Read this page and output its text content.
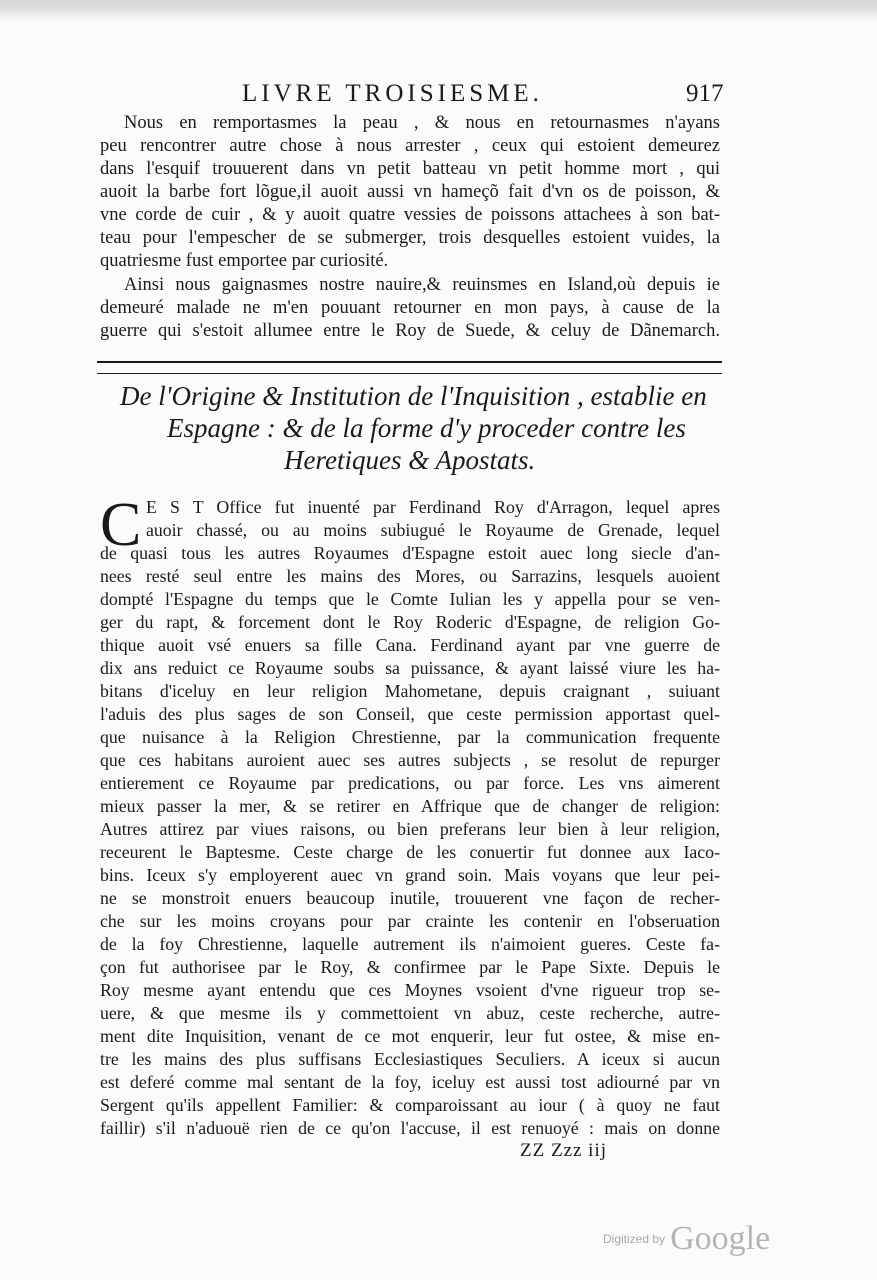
LIVRE TROISIESME.	917
Nous en remportasmes la peau , & nous en retournasmes n'ayans
peu rencontrer autre chose à nous arrester , ceux qui estoient demeurez
dans l'esquif trouuerent dans vn petit batteau vn petit homme mort , qui
auoit la barbe fort lõgue,il auoit aussi vn hameçõ fait d'vn os de poisson, &
vne corde de cuir , & y auoit quatre vessies de poissons attachees à son bat-
teau pour l'empescher de se submerger, trois desquelles estoient vuides, la
quatriesme fust emportee par curiosité.
Ainsi nous gaignasmes nostre nauire,& reuinsmes en Island,où depuis ie
demeuré malade ne m'en pouuant retourner en mon pays, à cause de la
guerre qui s'estoit allumee entre le Roy de Suede, & celuy de Dãnemarch.
De l'Origine & Institution de l'Inquisition , establie en
Espagne : & de la forme d'y proceder contre les
Heretiques & Apostats.
C E S T Office fut inuenté par Ferdinand Roy d'Arragon, lequel apres
auoir chassé, ou au moins subiugué le Royaume de Grenade, lequel
de quasi tous les autres Royaumes d'Espagne estoit auec long siecle d'an-
nees resté seul entre les mains des Mores, ou Sarrazins, lesquels auoient
dompté l'Espagne du temps que le Comte Iulian les y appella pour se ven-
ger du rapt, & forcement dont le Roy Roderic d'Espagne, de religion Go-
thique auoit vsé enuers sa fille Cana. Ferdinand ayant par vne guerre de
dix ans reduict ce Royaume soubs sa puissance, & ayant laissé viure les ha-
bitans d'iceluy en leur religion Mahometane, depuis craignant , suiuant
l'aduis des plus sages de son Conseil, que ceste permission apportast quel-
que nuisance à la Religion Chrestienne, par la communication frequente
que ces habitans auroient auec ses autres subjects , se resolut de repurger
entierement ce Royaume par predications, ou par force. Les vns aimerent
mieux passer la mer, & se retirer en Affrique que de changer de religion:
Autres attirez par viues raisons, ou bien preferans leur bien à leur religion,
receurent le Baptesme. Ceste charge de les conuertir fut donnee aux Iaco-
bins. Iceux s'y employerent auec vn grand soin. Mais voyans que leur pei-
ne se monstroit enuers beaucoup inutile, trouuerent vne façon de recher-
che sur les moins croyans pour par crainte les contenir en l'obseruation
de la foy Chrestienne, laquelle autrement ils n'aimoient gueres. Ceste fa-
çon fut authorisee par le Roy, & confirmee par le Pape Sixte. Depuis le
Roy mesme ayant entendu que ces Moynes vsoient d'vne rigueur trop se-
uere, & que mesme ils y commettoient vn abuz, ceste recherche, autre-
ment dite Inquisition, venant de ce mot enquerir, leur fut ostee, & mise en-
tre les mains des plus suffisans Ecclesiastiques Seculiers. A iceux si aucun
est deferé comme mal sentant de la foy, iceluy est aussi tost adiourné par vn
Sergent qu'ils appellent Familier: & comparoissant au iour ( à quoy ne faut
faillir) s'il n'aduouë rien de ce qu'on l'accuse, il est renuoyé : mais on donne
ZZ Zzz iij
Digitized by Google
